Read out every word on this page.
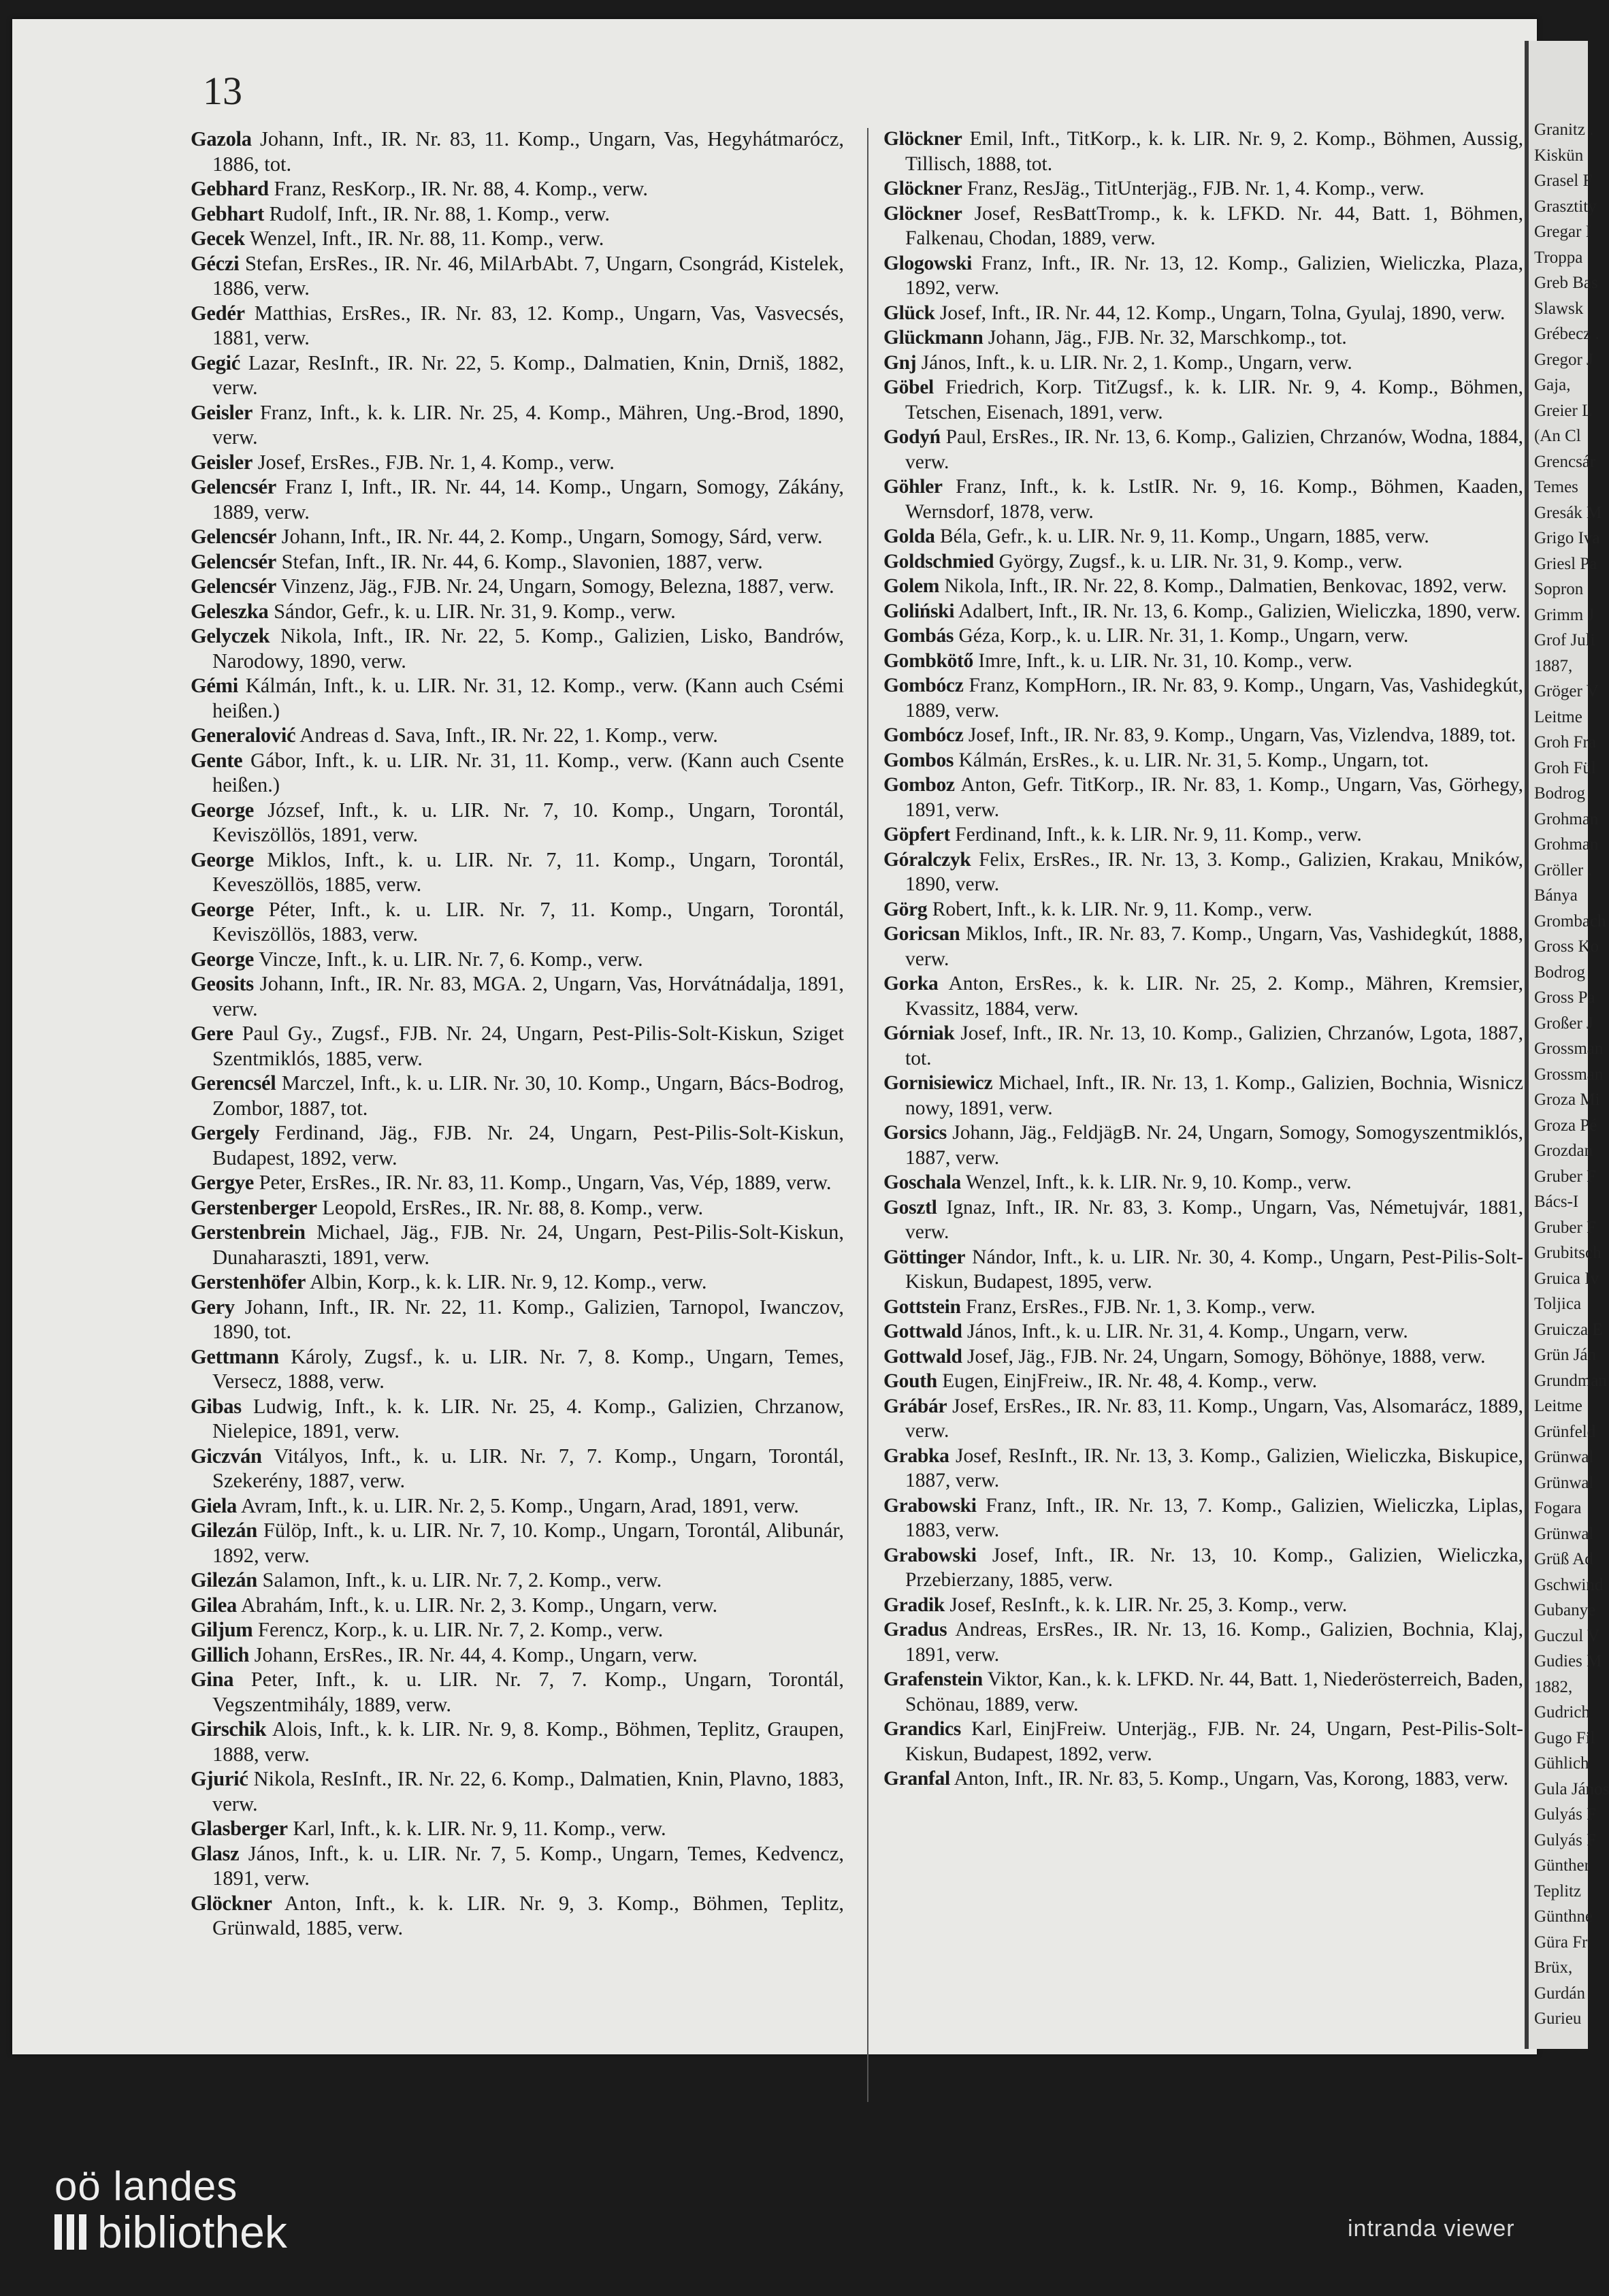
13
Gazola Johann, Inft., IR. Nr. 83, 11. Komp., Ungarn, Vas, Hegyhátmarócz, 1886, tot.
Gebhard Franz, ResKorp., IR. Nr. 88, 4. Komp., verw.
Gebhart Rudolf, Inft., IR. Nr. 88, 1. Komp., verw.
Gecek Wenzel, Inft., IR. Nr. 88, 11. Komp., verw.
Géczi Stefan, ErsRes., IR. Nr. 46, MilArbAbt. 7, Ungarn, Csongrád, Kistelek, 1886, verw.
Gedér Matthias, ErsRes., IR. Nr. 83, 12. Komp., Ungarn, Vas, Vasvecsés, 1881, verw.
Gegić Lazar, ResInft., IR. Nr. 22, 5. Komp., Dalmatien, Knin, Drniš, 1882, verw.
Geisler Franz, Inft., k. k. LIR. Nr. 25, 4. Komp., Mähren, Ung.-Brod, 1890, verw.
Geisler Josef, ErsRes., FJB. Nr. 1, 4. Komp., verw.
Gelencsér Franz I, Inft., IR. Nr. 44, 14. Komp., Ungarn, Somogy, Zákány, 1889, verw.
Gelencsér Johann, Inft., IR. Nr. 44, 2. Komp., Ungarn, Somogy, Sárd, verw.
Gelencsér Stefan, Inft., IR. Nr. 44, 6. Komp., Slavonien, 1887, verw.
Gelencsér Vinzenz, Jäg., FJB. Nr. 24, Ungarn, Somogy, Belezna, 1887, verw.
Geleszka Sándor, Gefr., k. u. LIR. Nr. 31, 9. Komp., verw.
Gelyczek Nikola, Inft., IR. Nr. 22, 5. Komp., Galizien, Lisko, Bandrów, Narodowy, 1890, verw.
Gémi Kálmán, Inft., k. u. LIR. Nr. 31, 12. Komp., verw. (Kann auch Csémi heißen.)
Generalović Andreas d. Sava, Inft., IR. Nr. 22, 1. Komp., verw.
Gente Gábor, Inft., k. u. LIR. Nr. 31, 11. Komp., verw. (Kann auch Csente heißen.)
George József, Inft., k. u. LIR. Nr. 7, 10. Komp., Ungarn, Torontál, Keviszöllös, 1891, verw.
George Miklos, Inft., k. u. LIR. Nr. 7, 11. Komp., Ungarn, Torontál, Keveszöllös, 1885, verw.
George Péter, Inft., k. u. LIR. Nr. 7, 11. Komp., Ungarn, Torontál, Keviszöllös, 1883, verw.
George Vincze, Inft., k. u. LIR. Nr. 7, 6. Komp., verw.
Geosits Johann, Inft., IR. Nr. 83, MGA. 2, Ungarn, Vas, Horvátnádalja, 1891, verw.
Gere Paul Gy., Zugsf., FJB. Nr. 24, Ungarn, Pest-Pilis-Solt-Kiskun, Sziget Szentmiklós, 1885, verw.
Gerencsél Marczel, Inft., k. u. LIR. Nr. 30, 10. Komp., Ungarn, Bács-Bodrog, Zombor, 1887, tot.
Gergely Ferdinand, Jäg., FJB. Nr. 24, Ungarn, Pest-Pilis-Solt-Kiskun, Budapest, 1892, verw.
Gergye Peter, ErsRes., IR. Nr. 83, 11. Komp., Ungarn, Vas, Vép, 1889, verw.
Gerstenberger Leopold, ErsRes., IR. Nr. 88, 8. Komp., verw.
Gerstenbrein Michael, Jäg., FJB. Nr. 24, Ungarn, Pest-Pilis-Solt-Kiskun, Dunaharaszti, 1891, verw.
Gerstenhöfer Albin, Korp., k. k. LIR. Nr. 9, 12. Komp., verw.
Gery Johann, Inft., IR. Nr. 22, 11. Komp., Galizien, Tarnopol, Iwanczov, 1890, tot.
Gettmann Károly, Zugsf., k. u. LIR. Nr. 7, 8. Komp., Ungarn, Temes, Versecz, 1888, verw.
Gibas Ludwig, Inft., k. k. LIR. Nr. 25, 4. Komp., Galizien, Chrzanow, Nielepice, 1891, verw.
Giczván Vitályos, Inft., k. u. LIR. Nr. 7, 7. Komp., Ungarn, Torontál, Szekerény, 1887, verw.
Giela Avram, Inft., k. u. LIR. Nr. 2, 5. Komp., Ungarn, Arad, 1891, verw.
Gilezán Fülöp, Inft., k. u. LIR. Nr. 7, 10. Komp., Ungarn, Torontál, Alibunár, 1892, verw.
Gilezán Salamon, Inft., k. u. LIR. Nr. 7, 2. Komp., verw.
Gilea Abrahám, Inft., k. u. LIR. Nr. 2, 3. Komp., Ungarn, verw.
Giljum Ferencz, Korp., k. u. LIR. Nr. 7, 2. Komp., verw.
Gillich Johann, ErsRes., IR. Nr. 44, 4. Komp., Ungarn, verw.
Gina Peter, Inft., k. u. LIR. Nr. 7, 7. Komp., Ungarn, Torontál, Vegszentmihály, 1889, verw.
Girschik Alois, Inft., k. k. LIR. Nr. 9, 8. Komp., Böhmen, Teplitz, Graupen, 1888, verw.
Gjurić Nikola, ResInft., IR. Nr. 22, 6. Komp., Dalmatien, Knin, Plavno, 1883, verw.
Glasberger Karl, Inft., k. k. LIR. Nr. 9, 11. Komp., verw.
Glasz János, Inft., k. u. LIR. Nr. 7, 5. Komp., Ungarn, Temes, Kedvencz, 1891, verw.
Glöckner Anton, Inft., k. k. LIR. Nr. 9, 3. Komp., Böhmen, Teplitz, Grünwald, 1885, verw.
Glöckner Emil, Inft., TitKorp., k. k. LIR. Nr. 9, 2. Komp., Böhmen, Aussig, Tillisch, 1888, tot.
Glöckner Franz, ResJäg., TitUnterjäg., FJB. Nr. 1, 4. Komp., verw.
Glöckner Josef, ResBattTromp., k. k. LFKD. Nr. 44, Batt. 1, Böhmen, Falkenau, Chodan, 1889, verw.
Glogowski Franz, Inft., IR. Nr. 13, 12. Komp., Galizien, Wieliczka, Plaza, 1892, verw.
Glück Josef, Inft., IR. Nr. 44, 12. Komp., Ungarn, Tolna, Gyulaj, 1890, verw.
Glückmann Johann, Jäg., FJB. Nr. 32, Marschkomp., tot.
Gnj János, Inft., k. u. LIR. Nr. 2, 1. Komp., Ungarn, verw.
Göbel Friedrich, Korp. TitZugsf., k. k. LIR. Nr. 9, 4. Komp., Böhmen, Tetschen, Eisenach, 1891, verw.
Godyń Paul, ErsRes., IR. Nr. 13, 6. Komp., Galizien, Chrzanów, Wodna, 1884, verw.
Göhler Franz, Inft., k. k. LstIR. Nr. 9, 16. Komp., Böhmen, Kaaden, Wernsdorf, 1878, verw.
Golda Béla, Gefr., k. u. LIR. Nr. 9, 11. Komp., Ungarn, 1885, verw.
Goldschmied György, Zugsf., k. u. LIR. Nr. 31, 9. Komp., verw.
Golem Nikola, Inft., IR. Nr. 22, 8. Komp., Dalmatien, Benkovac, 1892, verw.
Goliński Adalbert, Inft., IR. Nr. 13, 6. Komp., Galizien, Wieliczka, 1890, verw.
Gombás Géza, Korp., k. u. LIR. Nr. 31, 1. Komp., Ungarn, verw.
Gombkötő Imre, Inft., k. u. LIR. Nr. 31, 10. Komp., verw.
Gombócz Franz, KompHorn., IR. Nr. 83, 9. Komp., Ungarn, Vas, Vashidegkút, 1889, verw.
Gombócz Josef, Inft., IR. Nr. 83, 9. Komp., Ungarn, Vas, Vizlendva, 1889, tot.
Gombos Kálmán, ErsRes., k. u. LIR. Nr. 31, 5. Komp., Ungarn, tot.
Gomboz Anton, Gefr. TitKorp., IR. Nr. 83, 1. Komp., Ungarn, Vas, Görhegy, 1891, verw.
Göpfert Ferdinand, Inft., k. k. LIR. Nr. 9, 11. Komp., verw.
Góralczyk Felix, ErsRes., IR. Nr. 13, 3. Komp., Galizien, Krakau, Mników, 1890, verw.
Görg Robert, Inft., k. k. LIR. Nr. 9, 11. Komp., verw.
Goricsan Miklos, Inft., IR. Nr. 83, 7. Komp., Ungarn, Vas, Vashidegkút, 1888, verw.
Gorka Anton, ErsRes., k. k. LIR. Nr. 25, 2. Komp., Mähren, Kremsier, Kvassitz, 1884, verw.
Górniak Josef, Inft., IR. Nr. 13, 10. Komp., Galizien, Chrzanów, Lgota, 1887, tot.
Gornisiewicz Michael, Inft., IR. Nr. 13, 1. Komp., Galizien, Bochnia, Wisnicz nowy, 1891, verw.
Gorsics Johann, Jäg., FeldjägB. Nr. 24, Ungarn, Somogy, Somogyszentmiklós, 1887, verw.
Goschala Wenzel, Inft., k. k. LIR. Nr. 9, 10. Komp., verw.
Gosztl Ignaz, Inft., IR. Nr. 83, 3. Komp., Ungarn, Vas, Németujvár, 1881, verw.
Göttinger Nándor, Inft., k. u. LIR. Nr. 30, 4. Komp., Ungarn, Pest-Pilis-Solt-Kiskun, Budapest, 1895, verw.
Gottstein Franz, ErsRes., FJB. Nr. 1, 3. Komp., verw.
Gottwald János, Inft., k. u. LIR. Nr. 31, 4. Komp., Ungarn, verw.
Gottwald Josef, Jäg., FJB. Nr. 24, Ungarn, Somogy, Böhönye, 1888, verw.
Gouth Eugen, EinjFreiw., IR. Nr. 48, 4. Komp., verw.
Grábár Josef, ErsRes., IR. Nr. 83, 11. Komp., Ungarn, Vas, Alsomarácz, 1889, verw.
Grabka Josef, ResInft., IR. Nr. 13, 3. Komp., Galizien, Wieliczka, Biskupice, 1887, verw.
Grabowski Franz, Inft., IR. Nr. 13, 7. Komp., Galizien, Wieliczka, Liplas, 1883, verw.
Grabowski Josef, Inft., IR. Nr. 13, 10. Komp., Galizien, Wieliczka, Przebierzany, 1885, verw.
Gradik Josef, ResInft., k. k. LIR. Nr. 25, 3. Komp., verw.
Gradus Andreas, ErsRes., IR. Nr. 13, 16. Komp., Galizien, Bochnia, Klaj, 1891, verw.
Grafenstein Viktor, Kan., k. k. LFKD. Nr. 44, Batt. 1, Niederösterreich, Baden, Schönau, 1889, verw.
Grandics Karl, EinjFreiw. Unterjäg., FJB. Nr. 24, Ungarn, Pest-Pilis-Solt-Kiskun, Budapest, 1892, verw.
Granfal Anton, Inft., IR. Nr. 83, 5. Komp., Ungarn, Vas, Korong, 1883, verw.
Granitz .
Kiskün
Grasel F
Grasztity
Gregar I
Troppa
Greb Bas
Slawsk
Grébecz .
Gregor J
Gaja,
Greier L
(An Cl
Grencsár
Temes
Gresák M
Grigo Iva
Griesl Pa
Sopron
Grimm J
Grof Juli
1887,
Gröger V
Leitme
Groh Fra
Groh Fül
Bodrog
Grohman
Grohman
Gröller .
Bánya
Grombach
Gross Ko
Bodrog
Gross Pa
Großer J
Grossman
Grossman
Groza Mi
Groza Pé
Grozdan
Gruber F
Bács-I
Gruber F
Grubitsch
Gruica Iv
Toljica
Gruicza E
Grün Ján
Grundman
Leitme
Grünfeld
Grünwal
Grünwal
Fogara
Grünwal
Grüß Ad
Gschwind
Gubanye
Guczul V
Gudies M
1882,
Gudrich
Gugo Fil
Gühlich
Gula János
Gulyás F
Gulyás F
Günther
Teplitz
Günthne
Güra Fr
Brüx,
Gurdán
Gurieu
oö landes
bibliothek	intranda viewer
